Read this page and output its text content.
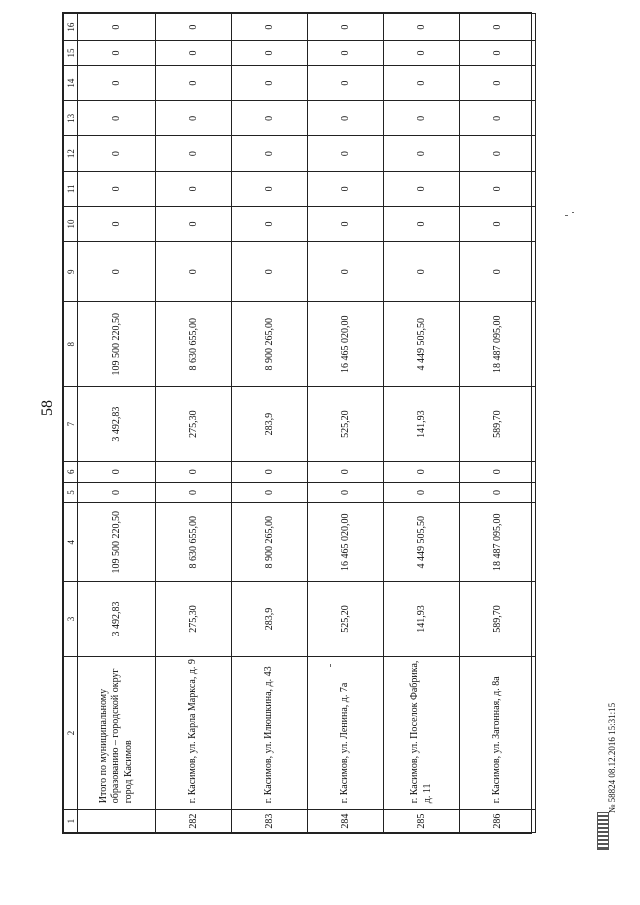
58
1	2	3	4	5	6	7	8	9	10	11	12	13	14	15	16
	Итого по муниципальному образованию – городской округ город Касимов	3 492,83	109 500 220,50	0	0	3 492,83	109 500 220,50	0	0	0	0	0	0	0	0
282	г. Касимов, ул. Карла Маркса, д. 9	275,30	8 630 655,00	0	0	275,30	8 630 655,00	0	0	0	0	0	0	0	0
283	г. Касимов, ул. Илюшкина, д. 43	283,9	8 900 265,00	0	0	283,9	8 900 265,00	0	0	0	0	0	0	0	0
284	г. Касимов, ул. Ленина, д. 7а	525,20	16 465 020,00	0	0	525,20	16 465 020,00	0	0	0	0	0	0	0	0
285	г. Касимов, ул. Поселок Фабрика, д. 11	141,93	4 449 505,50	0	0	141,93	4 449 505,50	0	0	0	0	0	0	0	0
286	г. Касимов, ул. Загонная, д. 8а	589,70	18 487 095,00	0	0	589,70	18 487 095,00	0	0	0	0	0	0	0	0
№ 58824 08.12.2016 15:31:15
